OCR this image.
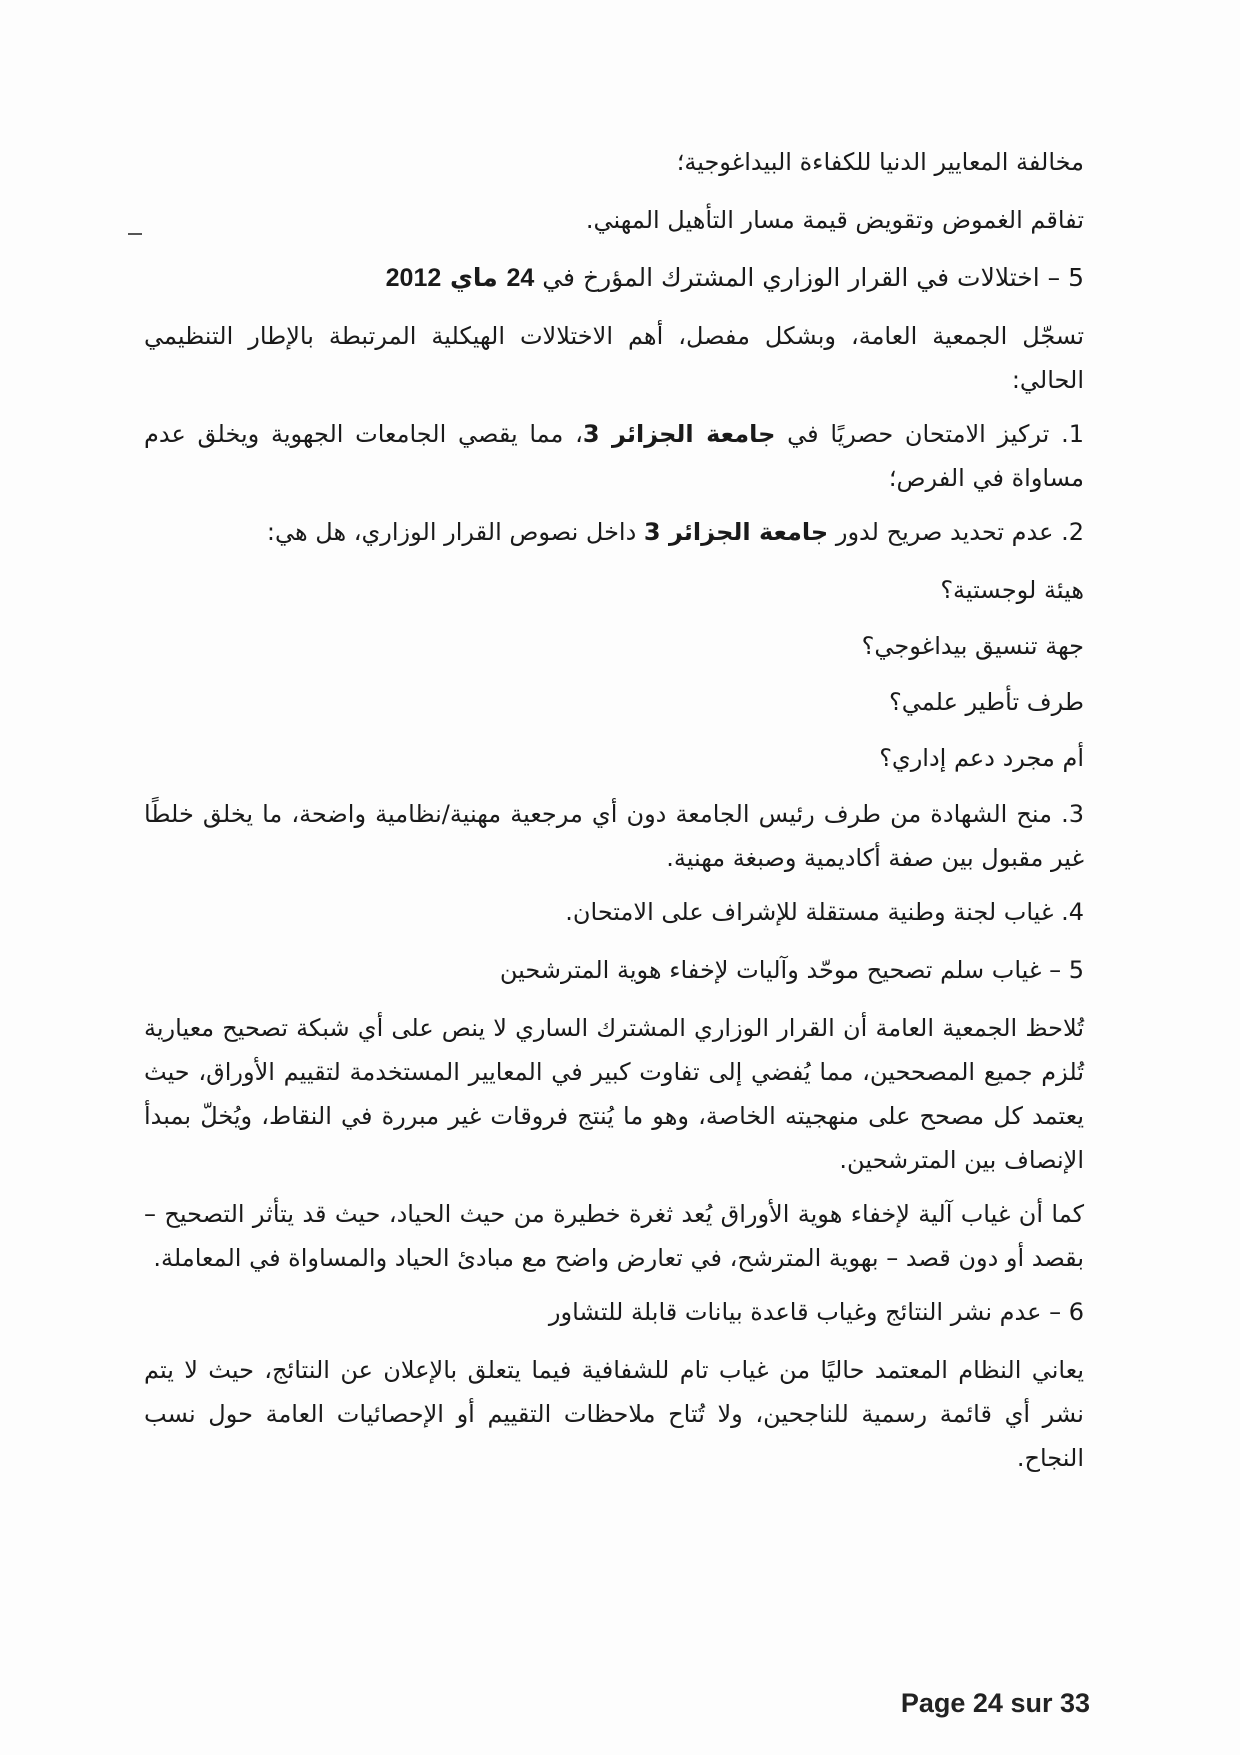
مخالفة المعايير الدنيا للكفاءة البيداغوجية؛

تفاقم الغموض وتقويض قيمة مسار التأهيل المهني.

5 – اختلالات في القرار الوزاري المشترك المؤرخ في 24 ماي 2012

تسجّل الجمعية العامة، وبشكل مفصل، أهم الاختلالات الهيكلية المرتبطة بالإطار التنظيمي الحالي:

1. تركيز الامتحان حصريًا في جامعة الجزائر 3، مما يقصي الجامعات الجهوية ويخلق عدم مساواة في الفرص؛

2. عدم تحديد صريح لدور جامعة الجزائر 3 داخل نصوص القرار الوزاري، هل هي:

هيئة لوجستية؟

جهة تنسيق بيداغوجي؟

طرف تأطير علمي؟

أم مجرد دعم إداري؟

3. منح الشهادة من طرف رئيس الجامعة دون أي مرجعية مهنية/نظامية واضحة، ما يخلق خلطًا غير مقبول بين صفة أكاديمية وصبغة مهنية.

4. غياب لجنة وطنية مستقلة للإشراف على الامتحان.

5 – غياب سلم تصحيح موحّد وآليات لإخفاء هوية المترشحين

تُلاحظ الجمعية العامة أن القرار الوزاري المشترك الساري لا ينص على أي شبكة تصحيح معيارية تُلزم جميع المصححين، مما يُفضي إلى تفاوت كبير في المعايير المستخدمة لتقييم الأوراق، حيث يعتمد كل مصحح على منهجيته الخاصة، وهو ما يُنتج فروقات غير مبررة في النقاط، ويُخلّ بمبدأ الإنصاف بين المترشحين.

كما أن غياب آلية لإخفاء هوية الأوراق يُعد ثغرة خطيرة من حيث الحياد، حيث قد يتأثر التصحيح – بقصد أو دون قصد – بهوية المترشح، في تعارض واضح مع مبادئ الحياد والمساواة في المعاملة.

6 – عدم نشر النتائج وغياب قاعدة بيانات قابلة للتشاور

يعاني النظام المعتمد حاليًا من غياب تام للشفافية فيما يتعلق بالإعلان عن النتائج، حيث لا يتم نشر أي قائمة رسمية للناجحين، ولا تُتاح ملاحظات التقييم أو الإحصائيات العامة حول نسب النجاح.

Page 24 sur 33
